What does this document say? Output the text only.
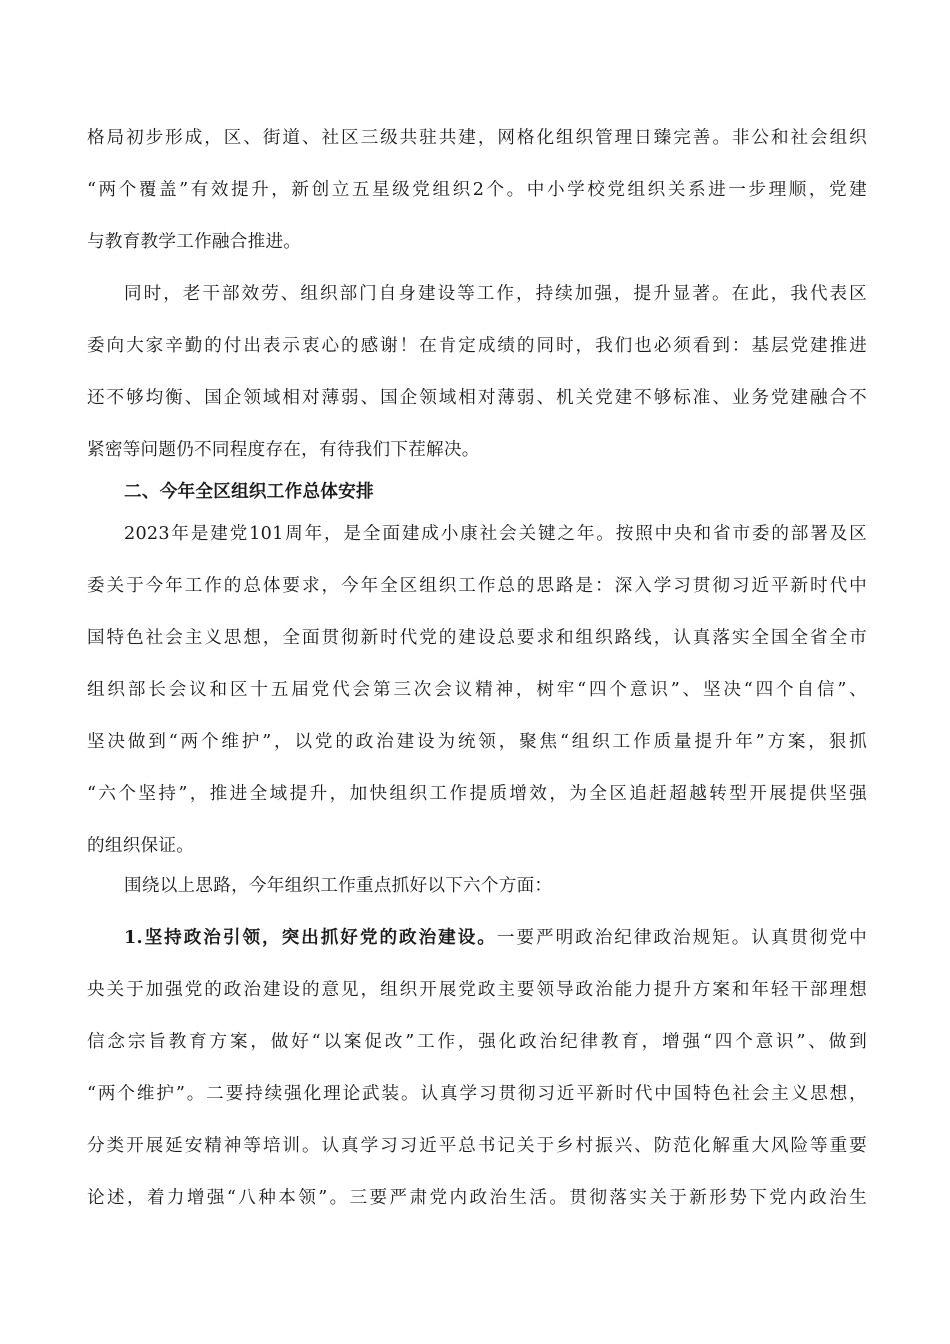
格局初步形成，区、街道、社区三级共驻共建，网格化组织管理日臻完善。非公和社会组织
“两个覆盖”有效提升，新创立五星级党组织2个。中小学校党组织关系进一步理顺，党建
与教育教学工作融合推进。
同时，老干部效劳、组织部门自身建设等工作，持续加强，提升显著。在此，我代表区
委向大家辛勤的付出表示衷心的感谢！在肯定成绩的同时，我们也必须看到：基层党建推进
还不够均衡、国企领域相对薄弱、国企领域相对薄弱、机关党建不够标准、业务党建融合不
紧密等问题仍不同程度存在，有待我们下茬解决。
二、今年全区组织工作总体安排
2023年是建党101周年，是全面建成小康社会关键之年。按照中央和省市委的部署及区
委关于今年工作的总体要求，今年全区组织工作总的思路是：深入学习贯彻习近平新时代中
国特色社会主义思想，全面贯彻新时代党的建设总要求和组织路线，认真落实全国全省全市
组织部长会议和区十五届党代会第三次会议精神，树牢“四个意识”、坚决“四个自信”、
坚决做到“两个维护”，以党的政治建设为统领，聚焦“组织工作质量提升年”方案，狠抓
“六个坚持”，推进全域提升，加快组织工作提质增效，为全区追赶超越转型开展提供坚强
的组织保证。
围绕以上思路，今年组织工作重点抓好以下六个方面：
1.坚持政治引领，突出抓好党的政治建设。一要严明政治纪律政治规矩。认真贯彻党中
央关于加强党的政治建设的意见，组织开展党政主要领导政治能力提升方案和年轻干部理想
信念宗旨教育方案，做好“以案促改”工作，强化政治纪律教育，增强“四个意识”、做到
“两个维护”。二要持续强化理论武装。认真学习贯彻习近平新时代中国特色社会主义思想，
分类开展延安精神等培训。认真学习习近平总书记关于乡村振兴、防范化解重大风险等重要
论述，着力增强“八种本领”。三要严肃党内政治生活。贯彻落实关于新形势下党内政治生
